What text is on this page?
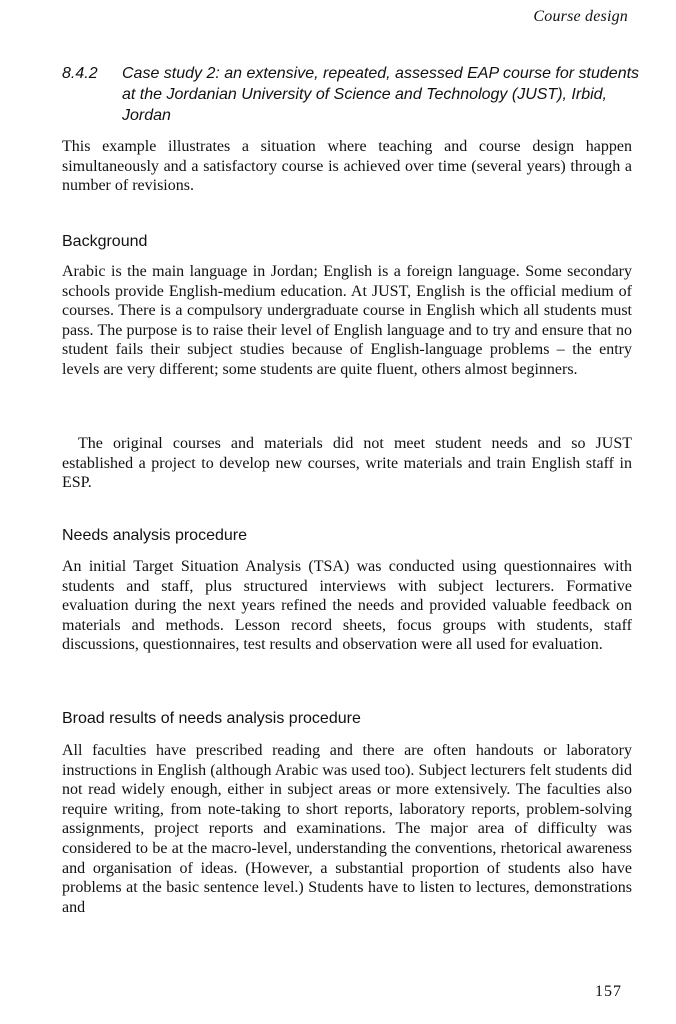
Course design
8.4.2	Case study 2: an extensive, repeated, assessed EAP course for students at the Jordanian University of Science and Technology (JUST), Irbid, Jordan

This example illustrates a situation where teaching and course design happen simultaneously and a satisfactory course is achieved over time (several years) through a number of revisions.

Background

Arabic is the main language in Jordan; English is a foreign language. Some secondary schools provide English-medium education. At JUST, English is the official medium of courses. There is a compulsory undergraduate course in English which all students must pass. The purpose is to raise their level of English language and to try and ensure that no student fails their subject studies because of English-language problems – the entry levels are very different; some students are quite fluent, others almost beginners.

The original courses and materials did not meet student needs and so JUST established a project to develop new courses, write materials and train English staff in ESP.

Needs analysis procedure

An initial Target Situation Analysis (TSA) was conducted using questionnaires with students and staff, plus structured interviews with subject lecturers. Formative evaluation during the next years refined the needs and provided valuable feedback on materials and methods. Lesson record sheets, focus groups with students, staff discussions, questionnaires, test results and observation were all used for evaluation.

Broad results of needs analysis procedure

All faculties have prescribed reading and there are often handouts or laboratory instructions in English (although Arabic was used too). Subject lecturers felt students did not read widely enough, either in subject areas or more extensively. The faculties also require writing, from note-taking to short reports, laboratory reports, problem-solving assignments, project reports and examinations. The major area of difficulty was considered to be at the macro-level, understanding the conventions, rhetorical awareness and organisation of ideas. (However, a substantial proportion of students also have problems at the basic sentence level.) Students have to listen to lectures, demonstrations and

157
